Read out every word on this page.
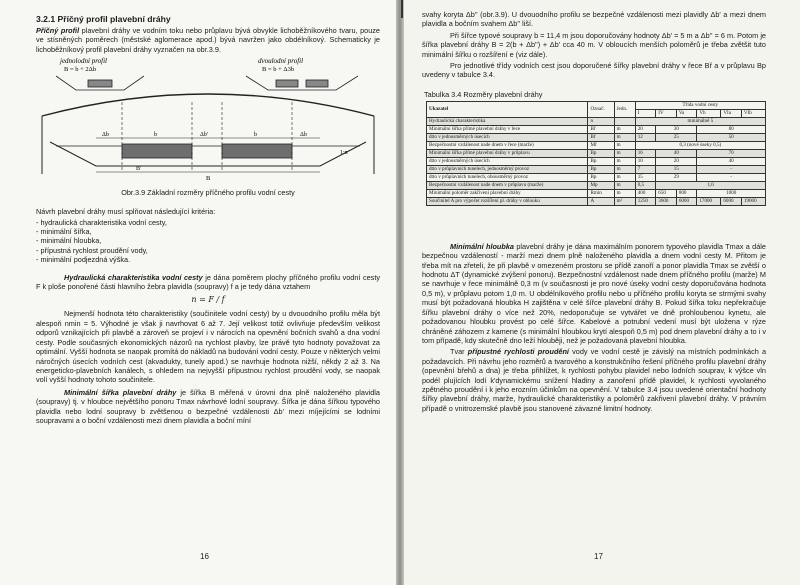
3.2.1 Příčný profil plavební dráhy

Příčný profil plavební dráhy ve vodním toku nebo průplavu bývá obvykle lichoběžníkového tvaru, pouze ve stísněných poměrech (městské aglomerace apod.) bývá navržen jako obdélníkový. Schematicky je lichoběžníkový profil plavební dráhy vyznačen na obr.3.9.

jednolodní profil
B = b + 2Δb
dvoulodní profil
B = b + Δ3b
Δb	b	Δb'	b	Δb
B
B'
1:n
Obr.3.9 Základní rozměry příčného profilu vodní cesty

Návrh plavební dráhy musí splňovat následující kritéria:

- hydraulická charakteristika vodní cesty,
- minimální šířka,
- minimální hloubka,
- přípustná rychlost proudění vody,
- minimální podjezdná výška.

Hydraulická charakteristika vodní cesty je dána poměrem plochy příčného profilu vodní cesty F k ploše ponořené části hlavního žebra plavidla (soupravy) f a je tedy dána vztahem

n = F / f

Nejmenší hodnota této charakteristiky (součinitele vodní cesty) by u dvouodního profilu měla být alespoň nmin = 5. Výhodné je však ji navrhovat 6 až 7. Její velikost totiž ovlivňuje především velikost odporů vznikajících při plavbě a zároveň se projeví i v nárocích na opevnění bočních svahů a dna vodní cesty. Podle současných ekonomických názorů na rychlost plavby, lze právě tyto hodnoty považovat za optimální. Vyšší hodnota se naopak promítá do nákladů na budování vodní cesty. Pouze v některých velmi náročných úsecích vodních cest (akvadukty, tunely apod.) se navrhuje hodnota nižší, někdy 2 až 3. Na energeticko-plavebních kanálech, s ohledem na nejvyšší přípustnou rychlost proudění vody, se naopak volí vyšší hodnoty tohoto součinitele.

Minimální šířka plavební dráhy je šířka B měřená v úrovni dna plně naloženého plavidla (soupravy) tj. v hloubce největšího ponoru Tmax návrhové lodní soupravy. Šířka je dána šířkou typového plavidla nebo lodní soupravy b zvětšenou o bezpečné vzdálenosti Δb' mezi míjejícími se lodními soupravami a o boční vzdálenosti mezi dnem plavidla a boční míní

16

svahy koryta Δb'' (obr.3.9). U dvouodního profilu se bezpečné vzdálenosti mezi plavidly Δb' a mezi dnem plavidla a bočním svahem Δb'' liší.

Při šířce typové soupravy b = 11,4 m jsou doporučovány hodnoty Δb' = 5 m a Δb'' = 6 m. Potom je šířka plavební dráhy B = 2(b + Δb'') + Δb' cca 40 m. V obloucích menších poloměrů je třeba zvětšit tuto minimální šířku o rozšíření e (viz dále).

Pro jednotlivé třídy vodních cest jsou doporučené šířky plavební dráhy v řece Bř a v průplavu Bp uvedeny v tabulce 3.4.

Tabulka 3.4 Rozměry plavební dráhy
Ukazatel	Označ.	Jedn.	Třída vodní cesty					
			I	IV	Va	Vb	VIa	VIb
Hydraulická charakteristika	n		minimálně 5					
Minimální šířka přímé plavební dráhy v řece	Bř	m	20	30		80		
dtto v jednosměrných úsecích	Bř	m	12	25		50		
Bezpečnostní vzdálenost nade dnem v řece (marže)	Mř	m	0,3 (nové úseky 0,5)					
Minimální šířka přímé plavební dráhy v průplavu	Bp	m	16	40		70		
dtto v jednosměrných úsecích	Bp	m	10	20		40		
dtto v průplavních tunelech, jednosměrný provoz	Bp	m	7	15		-		
dtto v průplavních tunelech, obousměrný provoz	Bp	m	15	29		-		
Bezpečnostní vzdálenost nade dnem v průplavu (marže)	Mp	m	0,5	1,0				
Minimální poloměr zakřivení plavební dráhy	Rmin	m	400	650	800	1000		
Součinitel A pro výpočet rozšíření pl. dráhy v oblouku	A	m²	1250	3600	6000	17000	6000	19000

Minimální hloubka plavební dráhy je dána maximálním ponorem typového plavidla Tmax a dále bezpečnou vzdáleností - marží mezi dnem plně naloženého plavidla a dnem vodní cesty M. Přitom je třeba mít na zřeteli, že při plavbě v omezeném prostoru se přídě zanoří a ponor plavidla Tmax se zvětší o hodnotu ΔT (dynamické zvýšení ponoru). Bezpečnostní vzdálenost nade dnem příčného profilu (marže) M se navrhuje v řece minimálně 0,3 m (v současnosti je pro nové úseky vodní cesty doporučována hodnota 0,5 m), v průplavu potom 1,0 m. U obdélníkového profilu nebo u příčného profilu koryta se strmými svahy musí být požadovaná hloubka H zajištěna v celé šířce plavební dráhy B. Pokud šířka toku nepřekračuje šířku plavební dráhy o více než 20%, nedoporučuje se vytvářet ve dně prohloubenou kynetu, ale požadovanou hloubku provést po celé šířce. Kabelové a potrubní vedení musí být uložena v rýze chráněné záhozem z kamene (s minimální hloubkou krytí alespoň 0,5 m) pod dnem plavební dráhy a to i v tom případě, kdy skutečně dno leží hlouběji, než je požadovaná plavební hloubka.

Tvar přípustné rychlosti proudění vody ve vodní cestě je závislý na místních podmínkách a požadavcích. Při návrhu jeho rozměrů a tvarového a konstrukčního řešení příčného profilu plavební dráhy (opevnění břehů a dna) je třeba přihlížet, k rychlosti pohybu plavidel nebo lodních souprav, k výšce vln podél plujících lodí k'dynamickému snížení hladiny a zanoření přídě plavidel, k rychlosti vyvolaného zpětného proudění i k jeho erozním účinkům na opevnění. V tabulce 3.4 jsou uvedené orientační hodnoty šířky plavební dráhy, marže, hydraulické charakteristiky a poloměrů zakřivení plavební dráhy. V právním případě o vnitrozemské plavbě jsou stanovené závazné limitní hodnoty.

17
